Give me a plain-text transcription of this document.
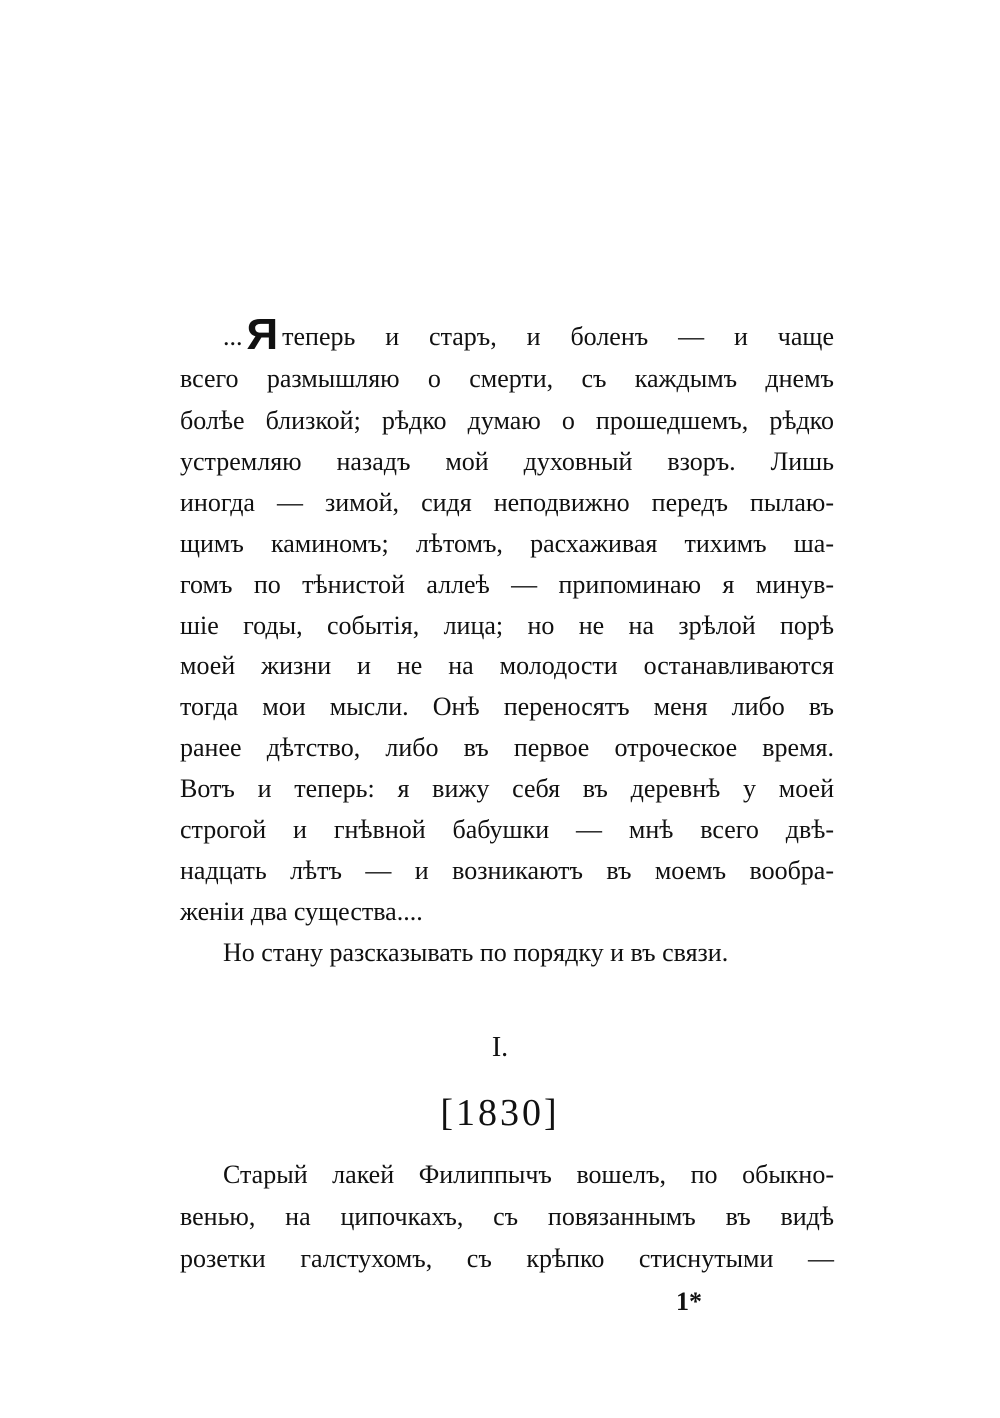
...Я теперь и старъ, и боленъ — и чаще
всего размышляю о смерти, съ каждымъ днемъ
болѣе близкой; рѣдко думаю о прошедшемъ, рѣдко
устремляю назадъ мой духовный взоръ. Лишь
иногда — зимой, сидя неподвижно передъ пылаю-
щимъ каминомъ; лѣтомъ, расхаживая тихимъ ша-
гомъ по тѣнистой аллеѣ — припоминаю я минув-
шіе годы, событія, лица; но не на зрѣлой порѣ
моей жизни и не на молодости останавливаются
тогда мои мысли. Онѣ переносятъ меня либо въ
ранее дѣтство, либо въ первое отроческое время.
Вотъ и теперь: я вижу себя въ деревнѣ у моей
строгой и гнѣвной бабушки — мнѣ всего двѣ-
надцать лѣтъ — и возникаютъ въ моемъ вообра-
женіи два существа....
Но стану разсказывать по порядку и въ связи.
I.
[1830]
Старый лакей Филиппычъ вошелъ, по обыкно-
венью, на ципочкахъ, съ повязаннымъ въ видѣ
розетки галстухомъ, съ крѣпко стиснутыми —
1*
